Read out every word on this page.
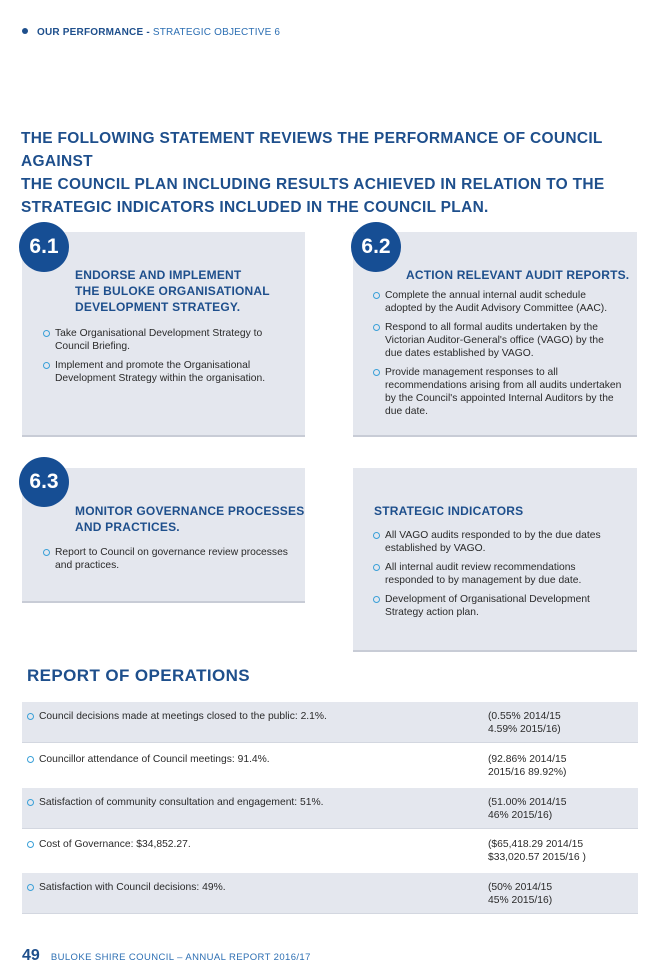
OUR PERFORMANCE - STRATEGIC OBJECTIVE 6
THE FOLLOWING STATEMENT REVIEWS THE PERFORMANCE OF COUNCIL AGAINST
THE COUNCIL PLAN INCLUDING RESULTS ACHIEVED IN RELATION TO THE
STRATEGIC INDICATORS INCLUDED IN THE COUNCIL PLAN.
6.1
ENDORSE AND IMPLEMENT
THE BULOKE ORGANISATIONAL
DEVELOPMENT STRATEGY.
Take Organisational Development Strategy to Council Briefing.
Implement and promote the Organisational Development Strategy within the organisation.
6.2
ACTION RELEVANT AUDIT REPORTS.
Complete the annual internal audit schedule adopted by the Audit Advisory Committee (AAC).
Respond to all formal audits undertaken by the Victorian Auditor-General's office (VAGO) by the due dates established by VAGO.
Provide management responses to all recommendations arising from all audits undertaken by the Council's appointed Internal Auditors by the due date.
6.3
MONITOR GOVERNANCE PROCESSES
AND PRACTICES.
Report to Council on governance review processes and practices.
STRATEGIC INDICATORS
All VAGO audits responded to by the due dates established by VAGO.
All internal audit review recommendations responded to by management by due date.
Development of Organisational Development Strategy action plan.
REPORT OF OPERATIONS
Council decisions made at meetings closed to the public: 2.1%.	(0.55% 2014/15
4.59% 2015/16)
Councillor attendance of Council meetings: 91.4%.	(92.86% 2014/15
2015/16 89.92%)
Satisfaction of community consultation and engagement: 51%.	(51.00% 2014/15
46% 2015/16)
Cost of Governance: $34,852.27.	($65,418.29 2014/15
$33,020.57 2015/16 )
Satisfaction with Council decisions: 49%.	(50% 2014/15
45% 2015/16)
49 BULOKE SHIRE COUNCIL – ANNUAL REPORT 2016/17
